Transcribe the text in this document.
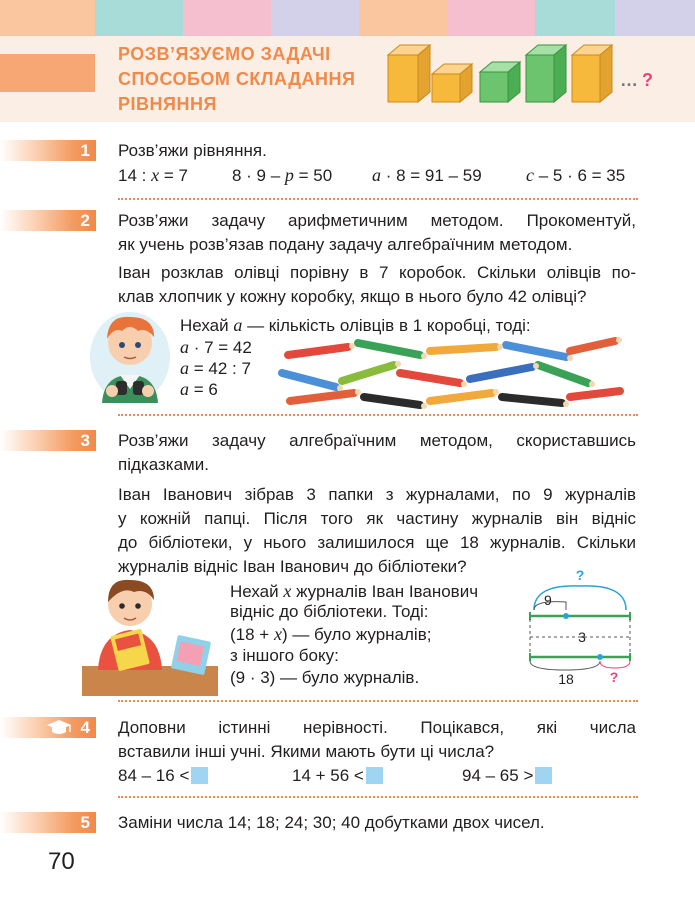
РОЗВ’ЯЗУЄМО ЗАДАЧІ
СПОСОБОМ СКЛАДАННЯ
РІВНЯННЯ
… ?
1 Розв’яжи рівняння.
14 : x = 7	8 · 9 – p = 50 a · 8 = 91 – 59 c – 5 · 6 = 35
2 Розв’яжи задачу арифметичним методом. Прокоментуй,
як учень розв’язав подану задачу алгебраїчним методом.
Іван розклав олівці порівну в 7 коробок. Скільки олівців по-
клав хлопчик у кожну коробку, якщо в нього було 42 олівці?
Нехай a — кількість олівців в 1 коробці, тоді:
a · 7 = 42
a = 42 : 7
a = 6
3 Розв’яжи задачу алгебраїчним методом, скориставшись
підказками.
Іван Іванович зібрав 3 папки з журналами, по 9 журналів
у кожній папці. Після того як частину журналів він відніс
до бібліотеки, у нього залишилося ще 18 журналів. Скільки
журналів відніс Іван Іванович до бібліотеки?
Нехай x журналів Іван Іванович
відніс до бібліотеки. Тоді:
(18 + x) — було журналів;
з іншого боку:
(9 · 3) — було журналів.
?
9
3
18	?
4 Доповни істинні нерівності. Поцікався, які числа
вставили інші учні. Якими мають бути ці числа?
84 – 16 <	14 + 56 <	94 – 65 >
5 Заміни числа 14; 18; 24; 30; 40 добутками двох чисел.
70
